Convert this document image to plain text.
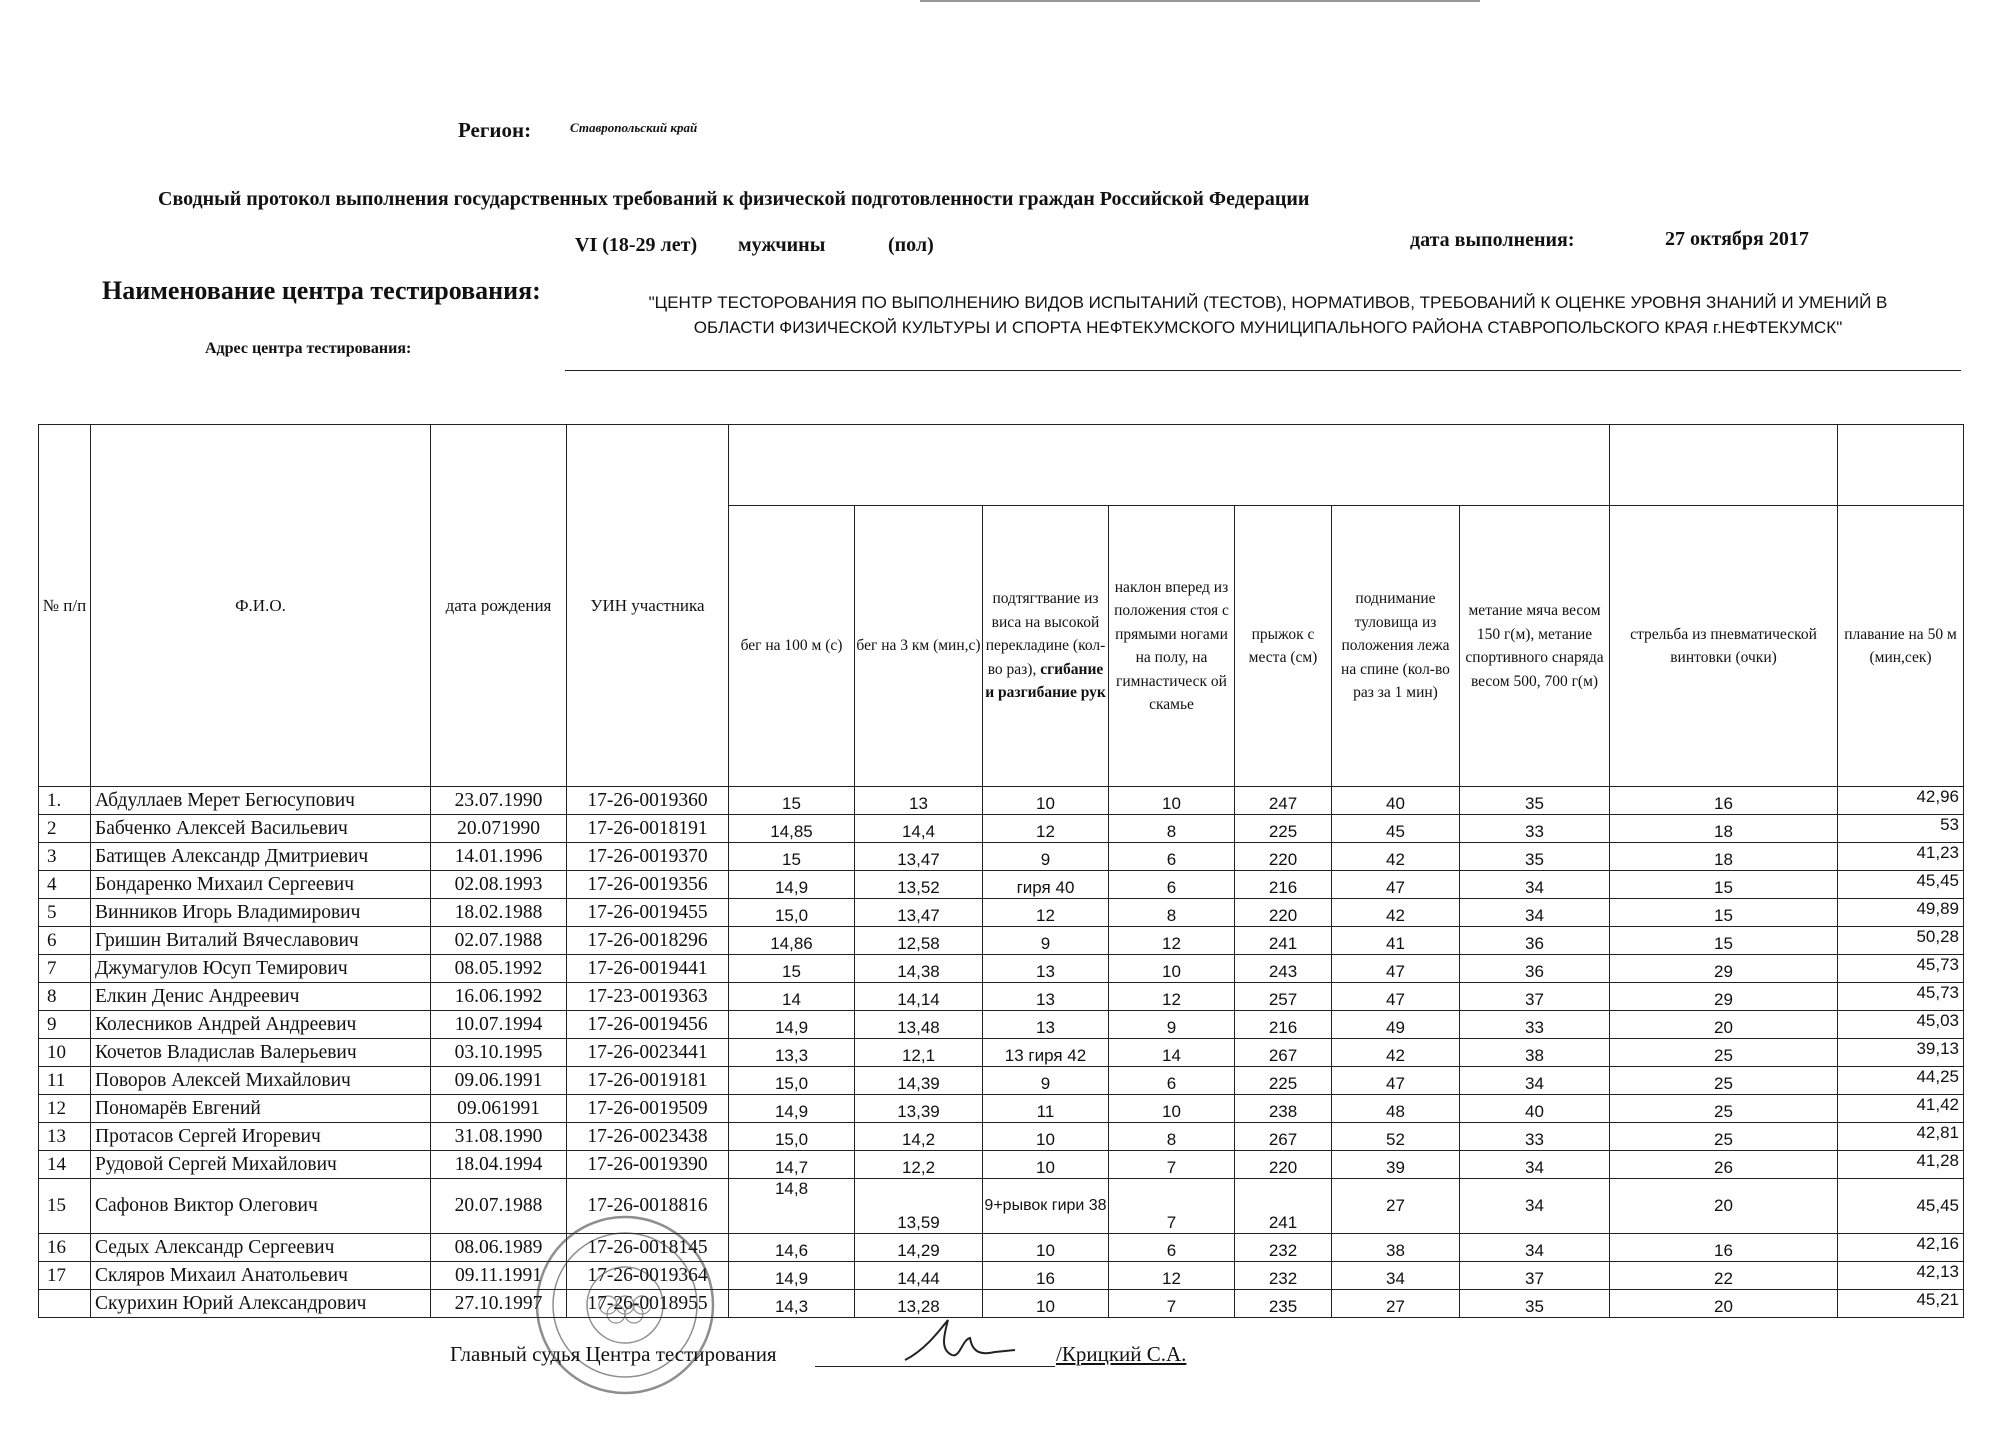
Регион:	Ставропольский край
Сводный протокол выполнения государственных требований к физической подготовленности граждан Российской Федерации
VI (18-29 лет) мужчины	(пол)	дата выполнения:	27 октября 2017
Наименование центра тестирования:	"ЦЕНТР ТЕСТОРОВАНИЯ ПО ВЫПОЛНЕНИЮ ВИДОВ ИСПЫТАНИЙ (ТЕСТОВ), НОРМАТИВОВ, ТРЕБОВАНИЙ К ОЦЕНКЕ УРОВНЯ ЗНАНИЙ И УМЕНИЙ В
ОБЛАСТИ ФИЗИЧЕСКОЙ КУЛЬТУРЫ И СПОРТА НЕФТЕКУМСКОГО МУНИЦИПАЛЬНОГО РАЙОНА СТАВРОПОЛЬСКОГО КРАЯ г.НЕФТЕКУМСК"
Адрес центра тестирования:
№ п/п	Ф.И.О.	дата рождения	УИН участника									
				бег на 100 м (с)	бег на 3 км (мин,с)	подтягтвание из виса на высокой перекладине (кол-во раз), сгибание и разгибание рук	наклон вперед из положения стоя с прямыми ногами на полу, на гимнастическ ой скамье	прыжок с места (см)	поднимание туловища из положения лежа на спине (кол-во раз за 1 мин)	метание мяча весом 150 г(м), метание спортивного снаряда весом 500, 700 г(м)	стрельба из пневматической винтовки (очки)	плавание на 50 м (мин,сек)
1.	Абдуллаев Мерет Бегюсупович	23.07.1990	17-26-0019360	15	13	10	10	247	40	35	16	42,96
2	Бабченко Алексей Васильевич	20.071990	17-26-0018191	14,85	14,4	12	8	225	45	33	18	53
3	Батищев Александр Дмитриевич	14.01.1996	17-26-0019370	15	13,47	9	6	220	42	35	18	41,23
4	Бондаренко Михаил Сергеевич	02.08.1993	17-26-0019356	14,9	13,52	гиря 40	6	216	47	34	15	45,45
5	Винников Игорь Владимирович	18.02.1988	17-26-0019455	15,0	13,47	12	8	220	42	34	15	49,89
6	Гришин Виталий Вячеславович	02.07.1988	17-26-0018296	14,86	12,58	9	12	241	41	36	15	50,28
7	Джумагулов Юсуп Темирович	08.05.1992	17-26-0019441	15	14,38	13	10	243	47	36	29	45,73
8	Елкин Денис Андреевич	16.06.1992	17-23-0019363	14	14,14	13	12	257	47	37	29	45,73
9	Колесников Андрей Андреевич	10.07.1994	17-26-0019456	14,9	13,48	13	9	216	49	33	20	45,03
10	Кочетов Владислав Валерьевич	03.10.1995	17-26-0023441	13,3	12,1	13 гиря 42	14	267	42	38	25	39,13
11	Поворов Алексей Михайлович	09.06.1991	17-26-0019181	15,0	14,39	9	6	225	47	34	25	44,25
12	Пономарёв Евгений	09.061991	17-26-0019509	14,9	13,39	11	10	238	48	40	25	41,42
13	Протасов Сергей Игоревич	31.08.1990	17-26-0023438	15,0	14,2	10	8	267	52	33	25	42,81
14	Рудовой Сергей Михайлович	18.04.1994	17-26-0019390	14,7	12,2	10	7	220	39	34	26	41,28
15	Сафонов Виктор Олегович	20.07.1988	17-26-0018816	14,8	13,59	9+рывок гири 38	7	241	27	34	20	45,45
16	Седых Александр Сергеевич	08.06.1989	17-26-0018145	14,6	14,29	10	6	232	38	34	16	42,16
17	Скляров Михаил Анатольевич	09.11.1991	17-26-0019364	14,9	14,44	16	12	232	34	37	22	42,13
	Скурихин Юрий Александрович	27.10.1997	17-26-0018955	14,3	13,28	10	7	235	27	35	20	45,21
Главный судья Центра тестирования	/Крицкий С.А.
